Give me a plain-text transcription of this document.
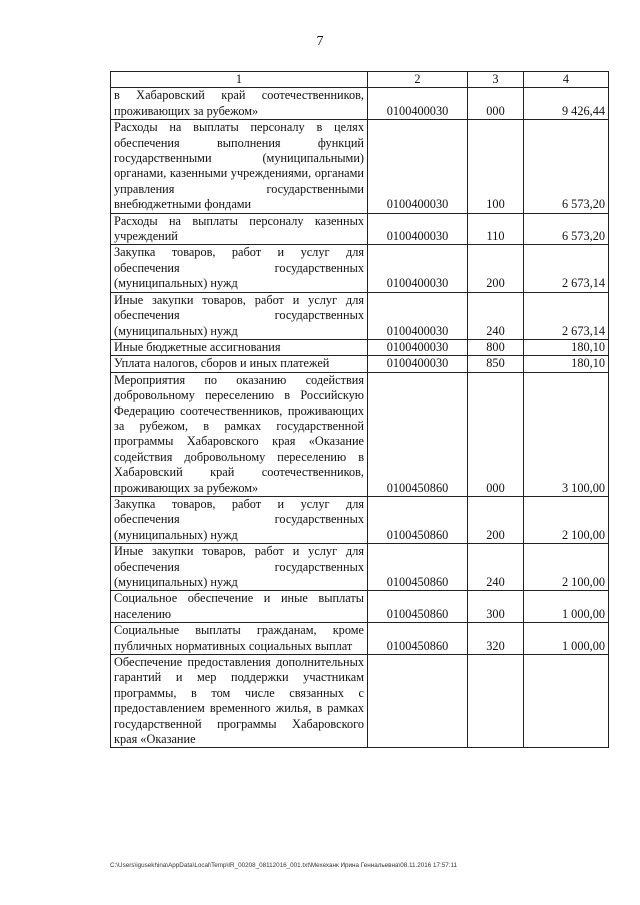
7
1	2	3	4
в Хабаровский край соотечественников, проживающих за рубежом»	0100400030	000	9 426,44
Расходы на выплаты персоналу в целях обеспечения выполнения функций государственными (муниципальными) органами, казенными учреждениями, органами управления государственными внебюджетными фондами	0100400030	100	6 573,20
Расходы на выплаты персоналу казенных учреждений	0100400030	110	6 573,20
Закупка товаров, работ и услуг для обеспечения государственных (муниципальных) нужд	0100400030	200	2 673,14
Иные закупки товаров, работ и услуг для обеспечения государственных (муниципальных) нужд	0100400030	240	2 673,14
Иные бюджетные ассигнования	0100400030	800	180,10
Уплата налогов, сборов и иных платежей	0100400030	850	180,10
Мероприятия по оказанию содействия добровольному переселению в Российскую Федерацию соотечественников, проживающих за рубежом, в рамках государственной программы Хабаровского края «Оказание содействия добровольному переселению в Хабаровский край соотечественников, проживающих за рубежом»	0100450860	000	3 100,00
Закупка товаров, работ и услуг для обеспечения государственных (муниципальных) нужд	0100450860	200	2 100,00
Иные закупки товаров, работ и услуг для обеспечения государственных (муниципальных) нужд	0100450860	240	2 100,00
Социальное обеспечение и иные выплаты населению	0100450860	300	1 000,00
Социальные выплаты гражданам, кроме публичных нормативных социальных выплат	0100450860	320	1 000,00
Обеспечение предоставления дополнительных гарантий и мер поддержки участникам программы, в том числе связанных с предоставлением временного жилья, в рамках государственной программы Хабаровского края «Оказание			
C:\Users\igusekhina\AppData\Local\Temp\IR_00208_08112016_001.txt\Мехеханк Ирина Геннальевна\08.11.2016 17:57:11
